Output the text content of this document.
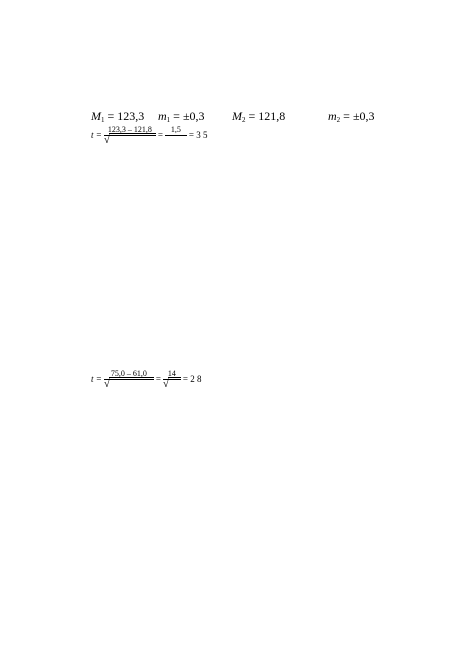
$M_1 = 123,3$ $m_1 = \pm 0,3$ $M_2 = 121,8$	$m_2 = \pm 0,3$
$t = \frac{123,3 - 121,8}{√}$ =
1,5
= 3 5
$t = \frac{75,0 - 61,0}{√} = \frac{14}{√} = 2$ 8
